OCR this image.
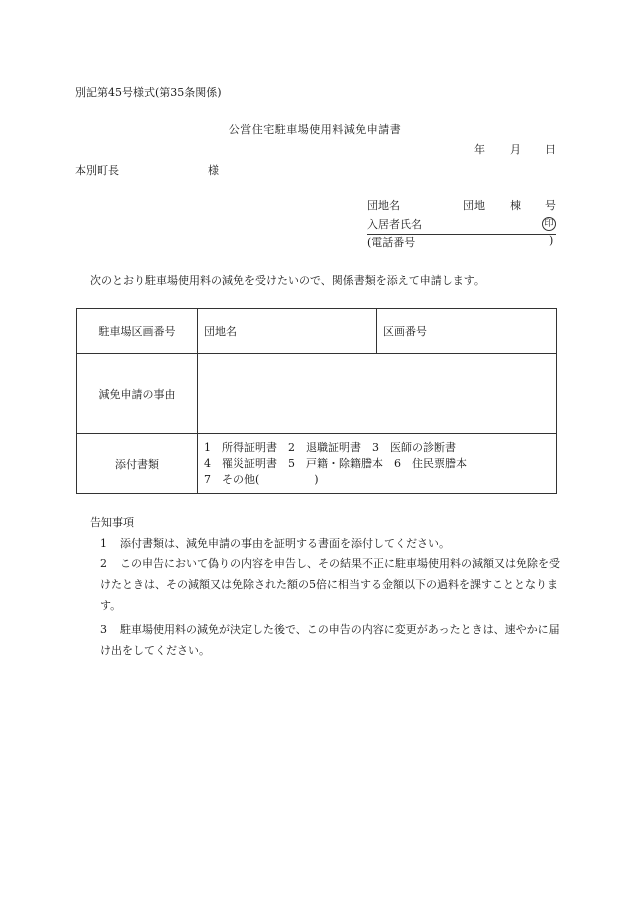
別記第45号様式(第35条関係)
公営住宅駐車場使用料減免申請書
年 月 日
本別町長	様
団地名	団地 棟 号
入居者氏名	印
(電話番号	)
次のとおり駐車場使用料の減免を受けたいので、関係書類を添えて申請します。
駐車場区画番号	団地名	区画番号
減免申請の事由		
添付書類	1　所得証明書　2　退職証明書　3　医師の診断書
4　罹災証明書　5　戸籍・除籍謄本　6　住民票謄本
7　その他(　　　　　)	
告知事項
1 添付書類は、減免申請の事由を証明する書面を添付してください。
2 この申告において偽りの内容を申告し、その結果不正に駐車場使用料の減額又は免除を受けたときは、その減額又は免除された額の5倍に相当する金額以下の過料を課すこととなります。
3 駐車場使用料の減免が決定した後で、この申告の内容に変更があったときは、速やかに届け出をしてください。
